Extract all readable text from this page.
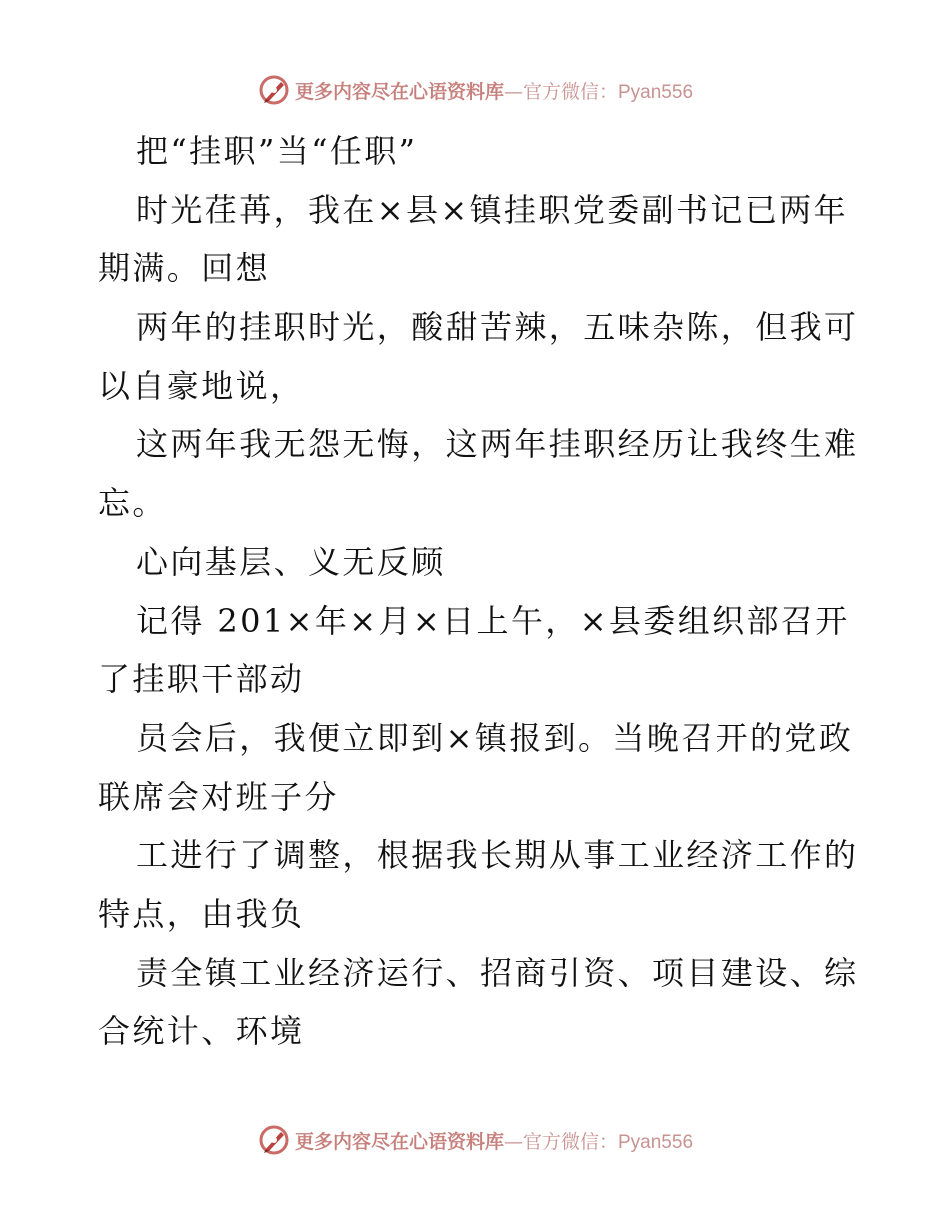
更多内容尽在心语资料库—官方微信：Pyan556
把“挂职”当“任职”
时光荏苒，我在×县×镇挂职党委副书记已两年
期满。回想
两年的挂职时光，酸甜苦辣，五味杂陈，但我可
以自豪地说，
这两年我无怨无悔，这两年挂职经历让我终生难
忘。
心向基层、义无反顾
记得 201×年×月×日上午，×县委组织部召开
了挂职干部动
员会后，我便立即到×镇报到。当晚召开的党政
联席会对班子分
工进行了调整，根据我长期从事工业经济工作的
特点，由我负
责全镇工业经济运行、招商引资、项目建设、综
合统计、环境
更多内容尽在心语资料库—官方微信：Pyan556
